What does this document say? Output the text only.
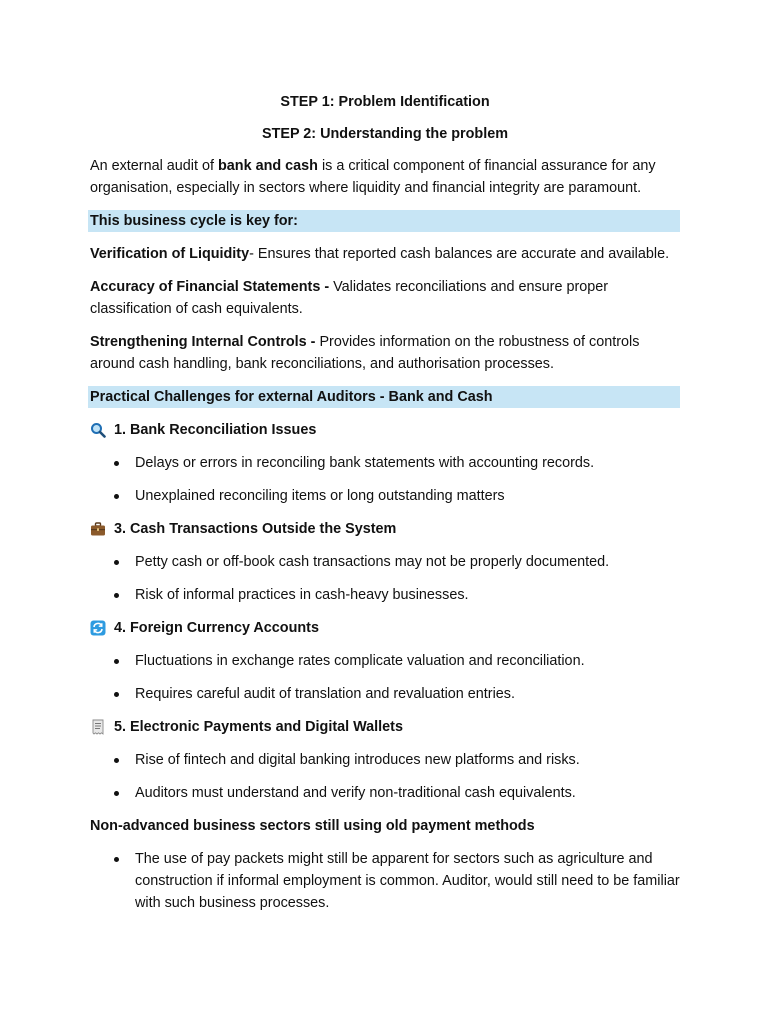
STEP 1: Problem Identification

STEP 2: Understanding the problem

An external audit of bank and cash is a critical component of financial assurance for any organisation, especially in sectors where liquidity and financial integrity are paramount.

This business cycle is key for:

Verification of Liquidity- Ensures that reported cash balances are accurate and available.

Accuracy of Financial Statements - Validates reconciliations and ensure proper classification of cash equivalents.

Strengthening Internal Controls - Provides information on the robustness of controls around cash handling, bank reconciliations, and authorisation processes.

Practical Challenges for external Auditors - Bank and Cash
1. Bank Reconciliation Issues
Delays or errors in reconciling bank statements with accounting records.
Unexplained reconciling items or long outstanding matters
3. Cash Transactions Outside the System
Petty cash or off-book cash transactions may not be properly documented.
Risk of informal practices in cash-heavy businesses.
4. Foreign Currency Accounts
Fluctuations in exchange rates complicate valuation and reconciliation.
Requires careful audit of translation and revaluation entries.
5. Electronic Payments and Digital Wallets
Rise of fintech and digital banking introduces new platforms and risks.
Auditors must understand and verify non-traditional cash equivalents.
Non-advanced business sectors still using old payment methods
The use of pay packets might still be apparent for sectors such as agriculture and construction if informal employment is common. Auditor, would still need to be familiar with such business processes.
